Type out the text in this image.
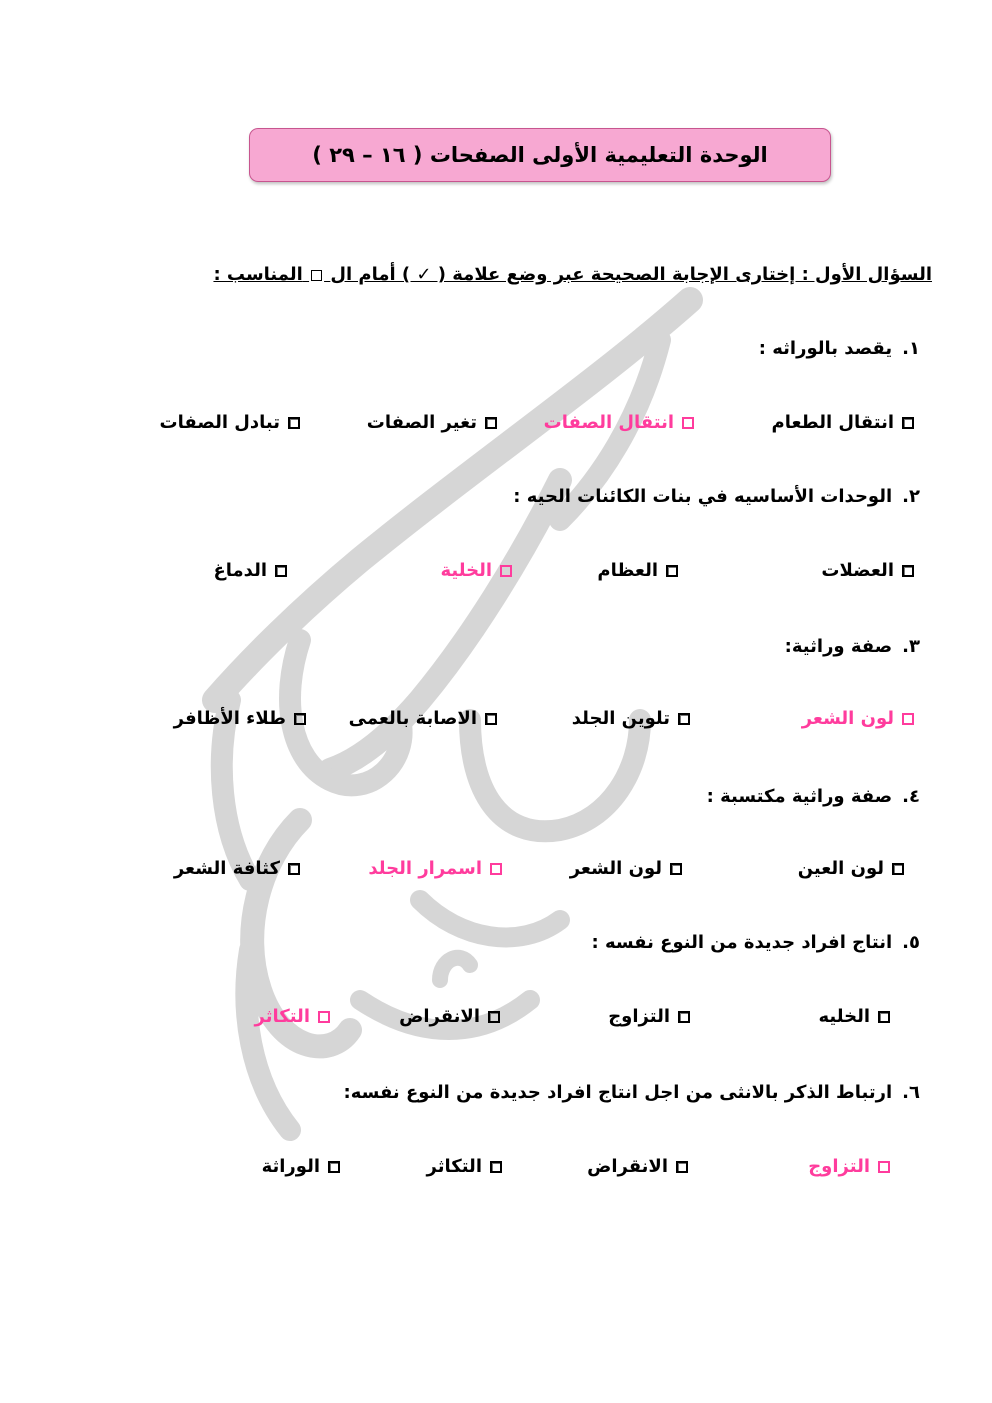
الوحدة التعليمية الأولى الصفحات ( ١٦ – ٢٩ )
السؤال الأول : إختارى الإجابة الصحيحة عبر وضع علامة ( ✓ ) أمام ال  المناسب :
١.يقصد بالوراثه :
انتقال الطعام
انتقال الصفات
تغير الصفات
تبادل الصفات
٢.الوحدات الأساسيه في بنات الكائنات الحيه :
العضلات
العظام
الخلية
الدماغ
٣.صفة وراثية:
لون الشعر
تلوين الجلد
الاصابة بالعمى
طلاء الأظافر
٤.صفة وراثية مكتسبة :
لون العين
لون الشعر
اسمرار الجلد
كثافة الشعر
٥.انتاج افراد جديدة من النوع نفسه :
الخليه
التزاوج
الانقراض
التكاثر
٦.ارتباط الذكر بالانثى من اجل انتاج افراد جديدة من النوع نفسه:
التزاوج
الانقراض
التكاثر
الوراثة
